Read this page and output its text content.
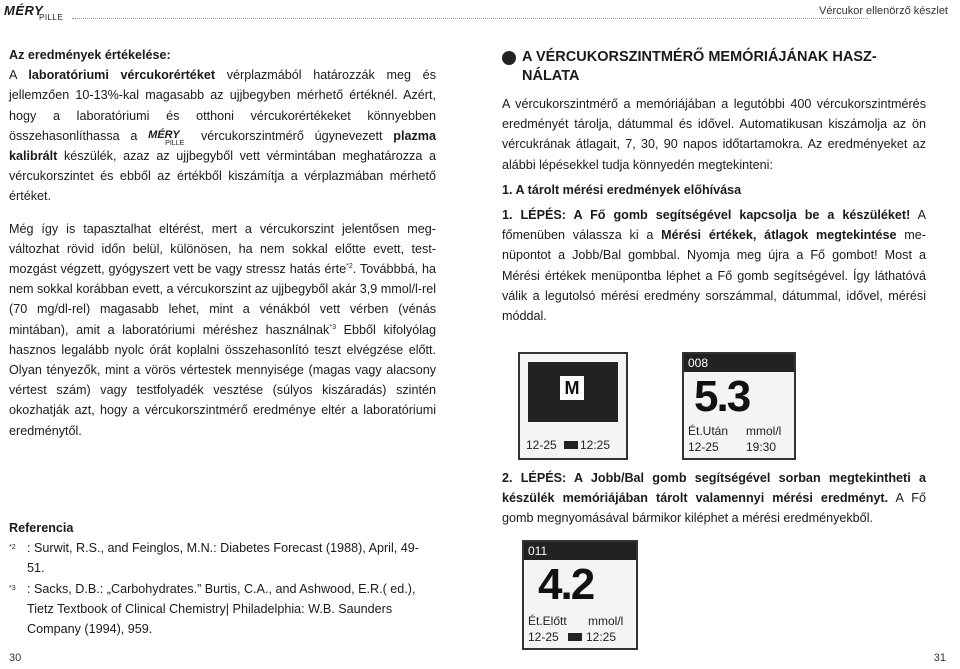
MÉRY
PILLE
Vércukor ellenörző készlet

Az eredmények értékelése:

A laboratóriumi vércukorértéket vérplazmából határozzák meg és jellemzően 10-13%-kal magasabb az ujjbegyben mérhető értéknél. Azért, hogy a laboratóriumi és otthoni vércukorértékeket könnyebben összehasonlíthassa a MÉRY
PILLE
vércukorszintmérő úgynevezett plazma kalibrált készülék, azaz az ujjbegyből vett vérmintában meghatározza a vércukorszintet és ebből az értékből kiszámítja a vérplazmában mérhető értéket.

Még így is tapasztalhat eltérést, mert a vércukorszint jelentősen megváltozhat rövid időn belül, különösen, ha nem sokkal előtte evett, testmozgást végzett, gyógyszert vett be vagy stressz hatás érte$^{*2}$. Továbbbá, ha nem sokkal korábban evett, a vércukorszint az ujjbegyből akár 3,9 mmol/l-rel (70 mg/dl-rel) magasabb lehet, mint a vénákból vett vérben (vénás mintában), amit a laboratóriumi méréshez használnak$^{*3}$ Ebből kifolyólag hasznos legalább nyolc órát koplalni összehasonlító teszt elvégzése előtt. Olyan tényezők, mint a vörös vértestek mennyisége (magas vagy alacsony vértest szám) vagy testfolyadék vesztése (súlyos kiszáradás) szintén okozhatják azt, hogy a vércukorszintmérő eredménye eltér a laboratóriumi eredménytől.

Referencia
*2 : Surwit, R.S., and Feinglos, M.N.: Diabetes Forecast (1988), April, 49-51.
*3 : Sacks, D.B.: „Carbohydrates.” Burtis, C.A., and Ashwood, E.R.( ed.), Tietz Textbook of Clinical Chemistry| Philadelphia: W.B. Saunders Company (1994), 959.
A VÉRCUKORSZINTMÉRŐ MEMÓRIÁJÁNAK HASZNÁLATA

A vércukorszintmérő a memóriájában a legutóbbi 400 vércukorszintmérés eredményét tárolja, dátummal és idővel. Automatikusan kiszámolja az ön vércukrának átlagait, 7, 30, 90 napos időtartamokra. Az eredményeket az alábbi lépésekkel tudja könnyedén megtekinteni:

1. A tárolt mérési eredmények előhívása

1. LÉPÉS: A Fő gomb segítségével kapcsolja be a készüléket! A főmenüben válassza ki a Mérési értékek, átlagok megtekintése menüpontot a Jobb/Bal gombbal. Nyomja meg újra a Fő gombot! Most a Mérési értékek menüpontba léphet a Fő gomb segítségével. Így láthatóvá válik a legutolsó mérési eredmény sorszámmal, dátummal, idővel, mérési móddal.

2. LÉPÉS: A Jobb/Bal gomb segítségével sorban megtekintheti a készülék memóriájában tárolt valamennyi mérési eredményt. A Fő gomb megnyomásával bármikor kiléphet a mérési eredményekből.

M
12-25 12:25
008
5.3
Ét.Után mmol/l
12-25 19:30
011
4.2
Ét.Előtt mmol/l
12-25 12:25
30	31
